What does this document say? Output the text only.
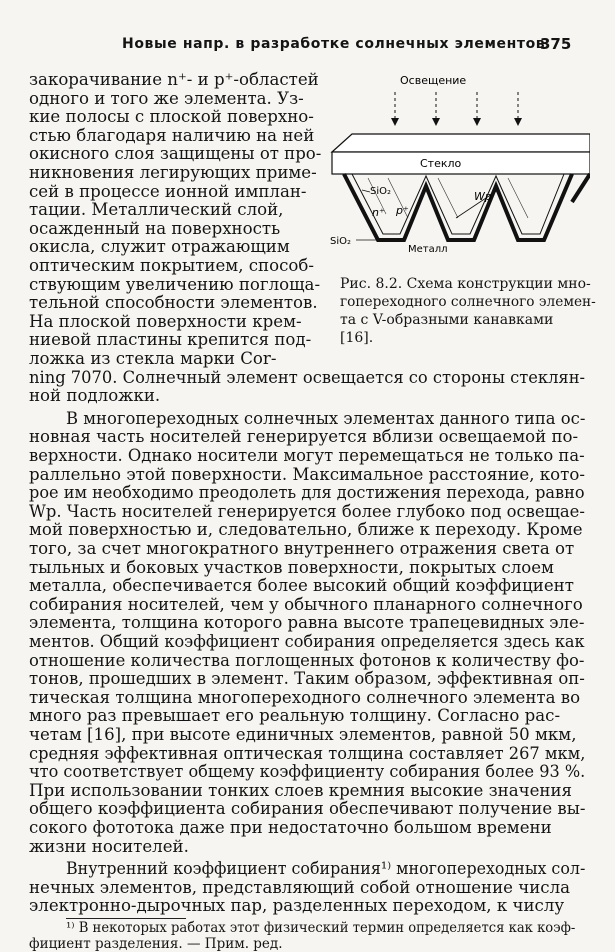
Новые напр. в разработке солнечных элементов
375
Освещение
Стекло
SiO₂
n⁺ p⁺
Wp
SiO₂
Металл
Рис. 8.2. Схема конструкции мно-
гопереходного солнечного элемен-
та с V-образными канавками
[16].
закорачивание n⁺- и p⁺-областей
одного и того же элемента. Уз-
кие полосы с плоской поверхно-
стью благодаря наличию на ней
окисного слоя защищены от про-
никновения легирующих приме-
сей в процессе ионной имплан-
тации. Металлический слой,
осажденный на поверхность
окисла, служит отражающим
оптическим покрытием, способ-
ствующим увеличению поглоща-
тельной способности элементов.
На плоской поверхности крем-
ниевой пластины крепится под-
ложка из стекла марки Cor-
ning 7070. Солнечный элемент освещается со стороны стеклян-
ной подложки.
В многопереходных солнечных элементах данного типа ос-
новная часть носителей генерируется вблизи освещаемой по-
верхности. Однако носители могут перемещаться не только па-
раллельно этой поверхности. Максимальное расстояние, кото-
рое им необходимо преодолеть для достижения перехода, равно
Wp. Часть носителей генерируется более глубоко под освещае-
мой поверхностью и, следовательно, ближе к переходу. Кроме
того, за счет многократного внутреннего отражения света от
тыльных и боковых участков поверхности, покрытых слоем
металла, обеспечивается более высокий общий коэффициент
собирания носителей, чем у обычного планарного солнечного
элемента, толщина которого равна высоте трапецевидных эле-
ментов. Общий коэффициент собирания определяется здесь как
отношение количества поглощенных фотонов к количеству фо-
тонов, прошедших в элемент. Таким образом, эффективная оп-
тическая толщина многопереходного солнечного элемента во
много раз превышает его реальную толщину. Согласно рас-
четам [16], при высоте единичных элементов, равной 50 мкм,
средняя эффективная оптическая толщина составляет 267 мкм,
что соответствует общему коэффициенту собирания более 93 %.
При использовании тонких слоев кремния высокие значения
общего коэффициента собирания обеспечивают получение вы-
сокого фототока даже при недостаточно большом времени
жизни носителей.
Внутренний коэффициент собирания¹⁾ многопереходных сол-
нечных элементов, представляющий собой отношение числа
электронно-дырочных пар, разделенных переходом, к числу
¹⁾ В некоторых работах этот физический термин определяется как коэф-
фициент разделения. — Прим. ред.
